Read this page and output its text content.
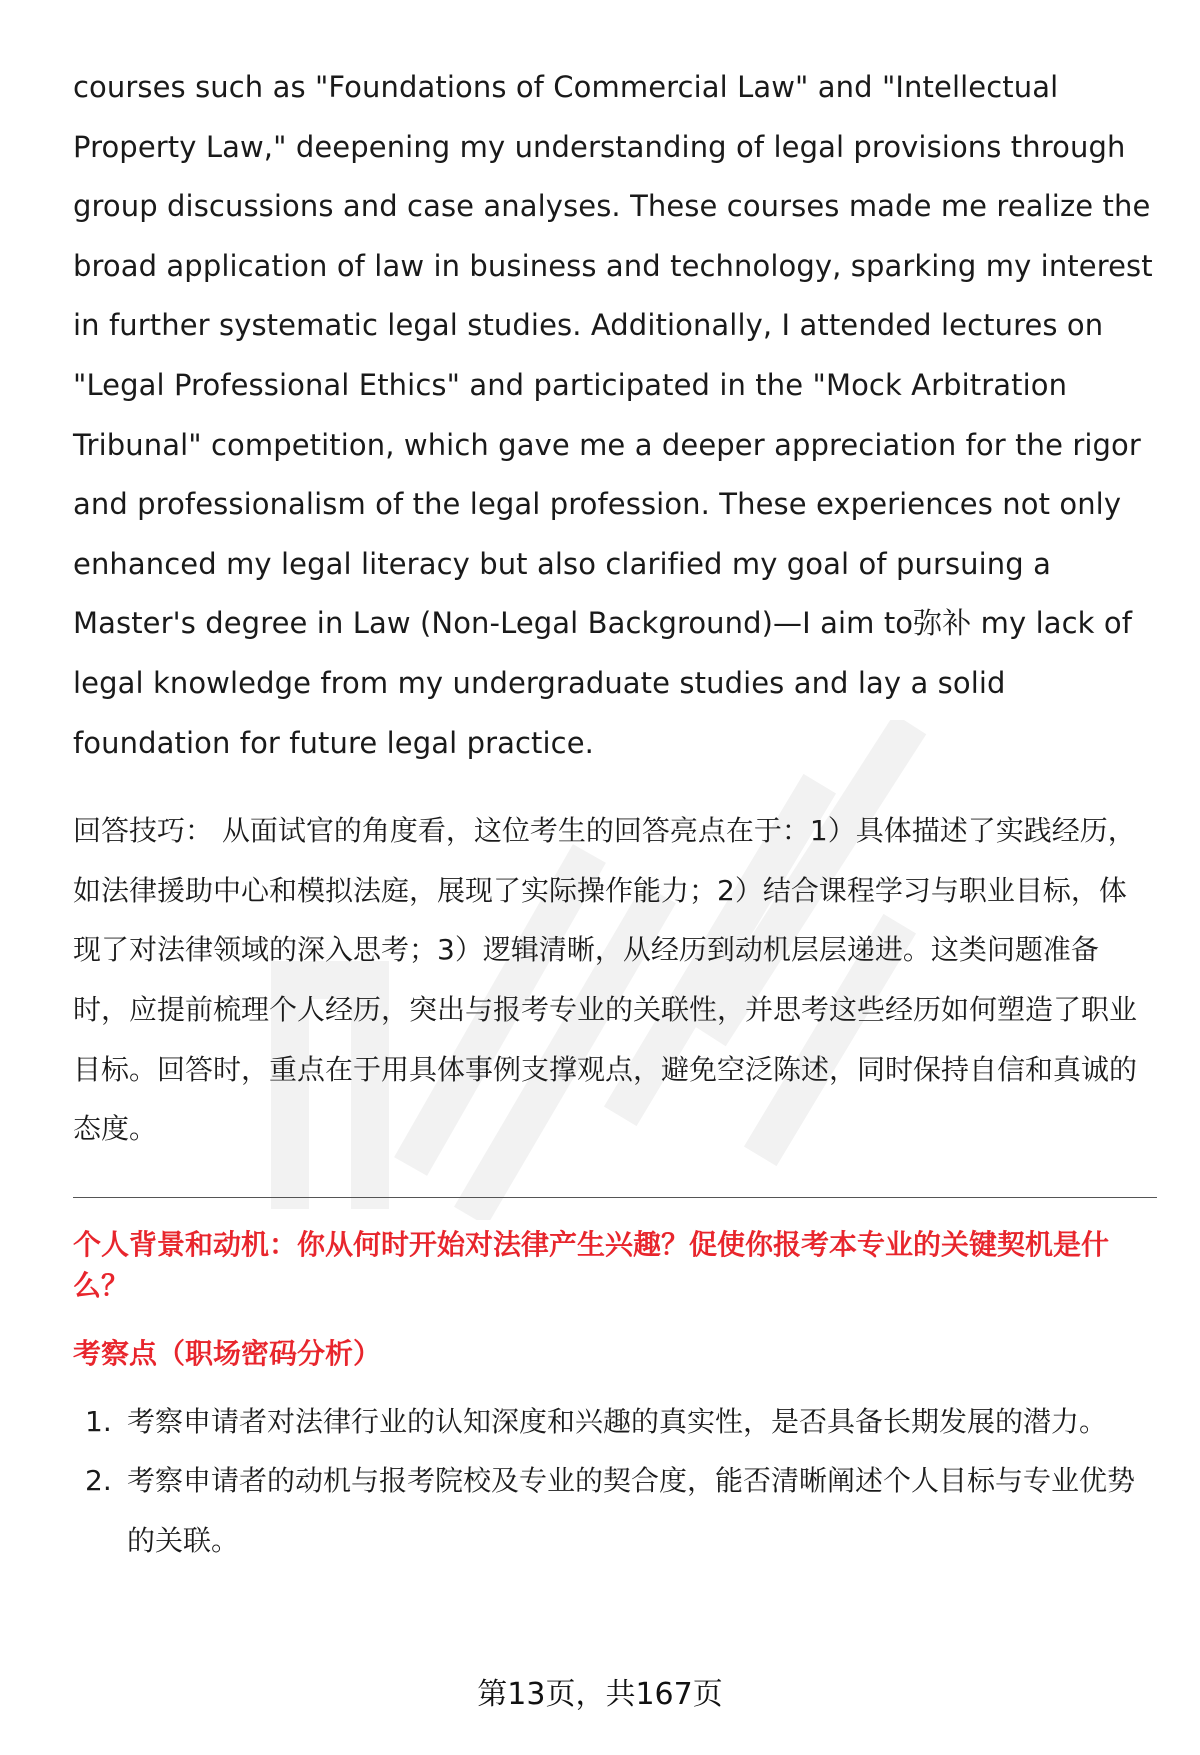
courses such as "Foundations of Commercial Law" and "Intellectual Property Law," deepening my understanding of legal provisions through group discussions and case analyses. These courses made me realize the broad application of law in business and technology, sparking my interest in further systematic legal studies. Additionally, I attended lectures on "Legal Professional Ethics" and participated in the "Mock Arbitration Tribunal" competition, which gave me a deeper appreciation for the rigor and professionalism of the legal profession. These experiences not only enhanced my legal literacy but also clarified my goal of pursuing a Master's degree in Law (Non-Legal Background)—I aim to弥补 my lack of legal knowledge from my undergraduate studies and lay a solid foundation for future legal practice.

回答技巧： 从面试官的角度看，这位考生的回答亮点在于：1）具体描述了实践经历，如法律援助中心和模拟法庭，展现了实际操作能力；2）结合课程学习与职业目标，体现了对法律领域的深入思考；3）逻辑清晰，从经历到动机层层递进。这类问题准备时，应提前梳理个人经历，突出与报考专业的关联性，并思考这些经历如何塑造了职业目标。回答时，重点在于用具体事例支撑观点，避免空泛陈述，同时保持自信和真诚的态度。

个人背景和动机：你从何时开始对法律产生兴趣？促使你报考本专业的关键契机是什么？

考察点（职场密码分析）

1. 考察申请者对法律行业的认知深度和兴趣的真实性，是否具备长期发展的潜力。
2. 考察申请者的动机与报考院校及专业的契合度，能否清晰阐述个人目标与专业优势的关联。
第13页，共167页
